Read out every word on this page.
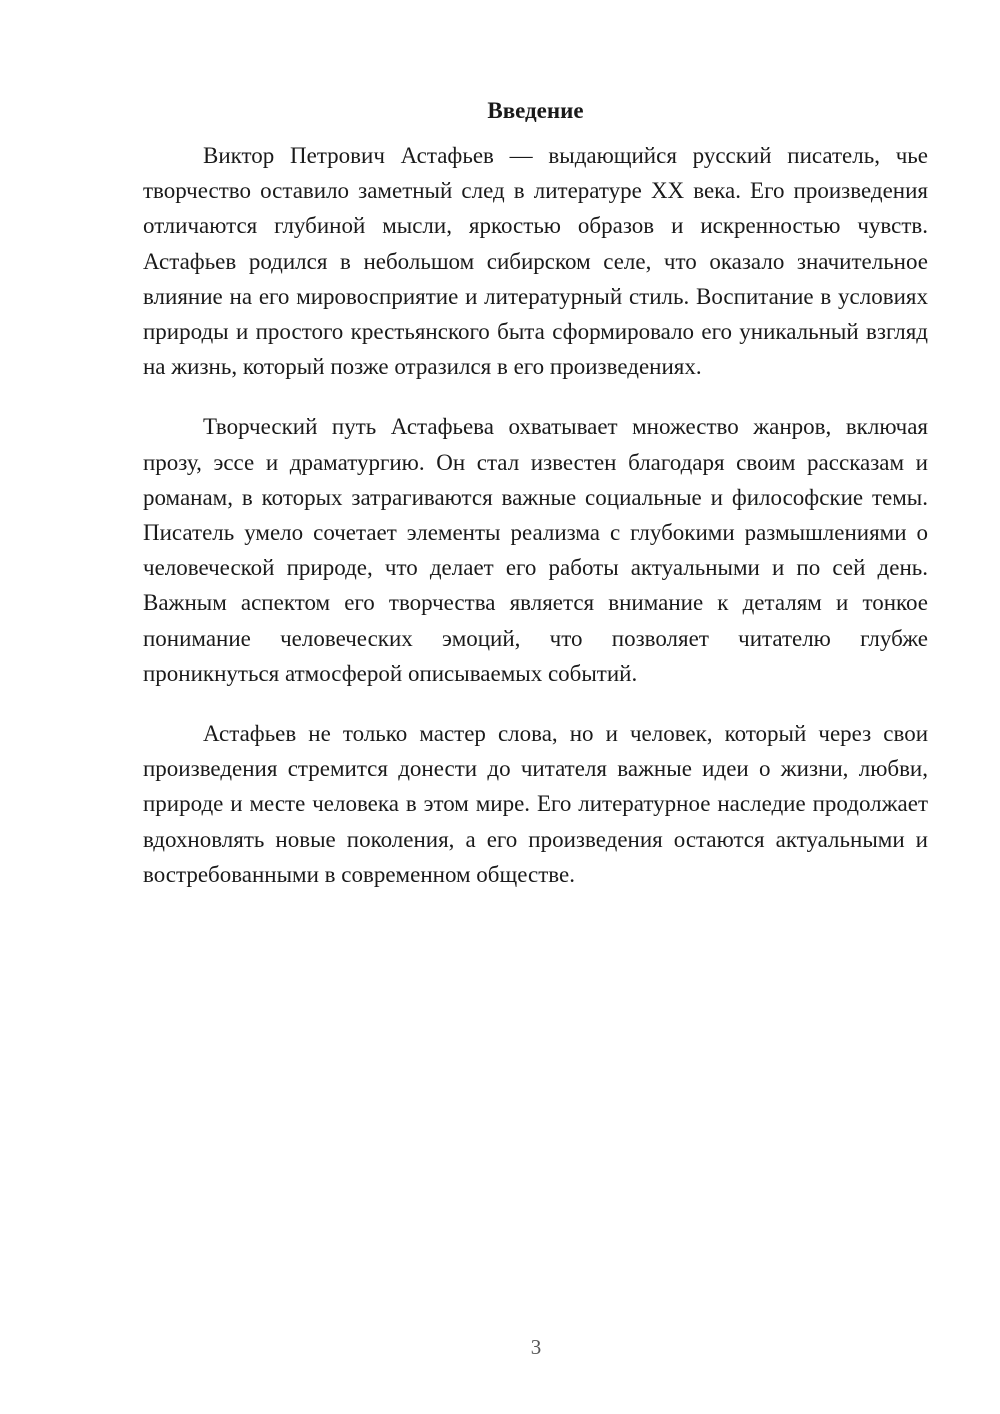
Введение

Виктор Петрович Астафьев — выдающийся русский писатель, чье творчество оставило заметный след в литературе XX века. Его произведения отличаются глубиной мысли, яркостью образов и искренностью чувств. Астафьев родился в небольшом сибирском селе, что оказало значительное влияние на его мировосприятие и литературный стиль. Воспитание в условиях природы и простого крестьянского быта сформировало его уникальный взгляд на жизнь, который позже отразился в его произведениях.

Творческий путь Астафьева охватывает множество жанров, включая прозу, эссе и драматургию. Он стал известен благодаря своим рассказам и романам, в которых затрагиваются важные социальные и философские темы. Писатель умело сочетает элементы реализма с глубокими размышлениями о человеческой природе, что делает его работы актуальными и по сей день. Важным аспектом его творчества является внимание к деталям и тонкое понимание человеческих эмоций, что позволяет читателю глубже проникнуться атмосферой описываемых событий.

Астафьев не только мастер слова, но и человек, который через свои произведения стремится донести до читателя важные идеи о жизни, любви, природе и месте человека в этом мире. Его литературное наследие продолжает вдохновлять новые поколения, а его произведения остаются актуальными и востребованными в современном обществе.

3
